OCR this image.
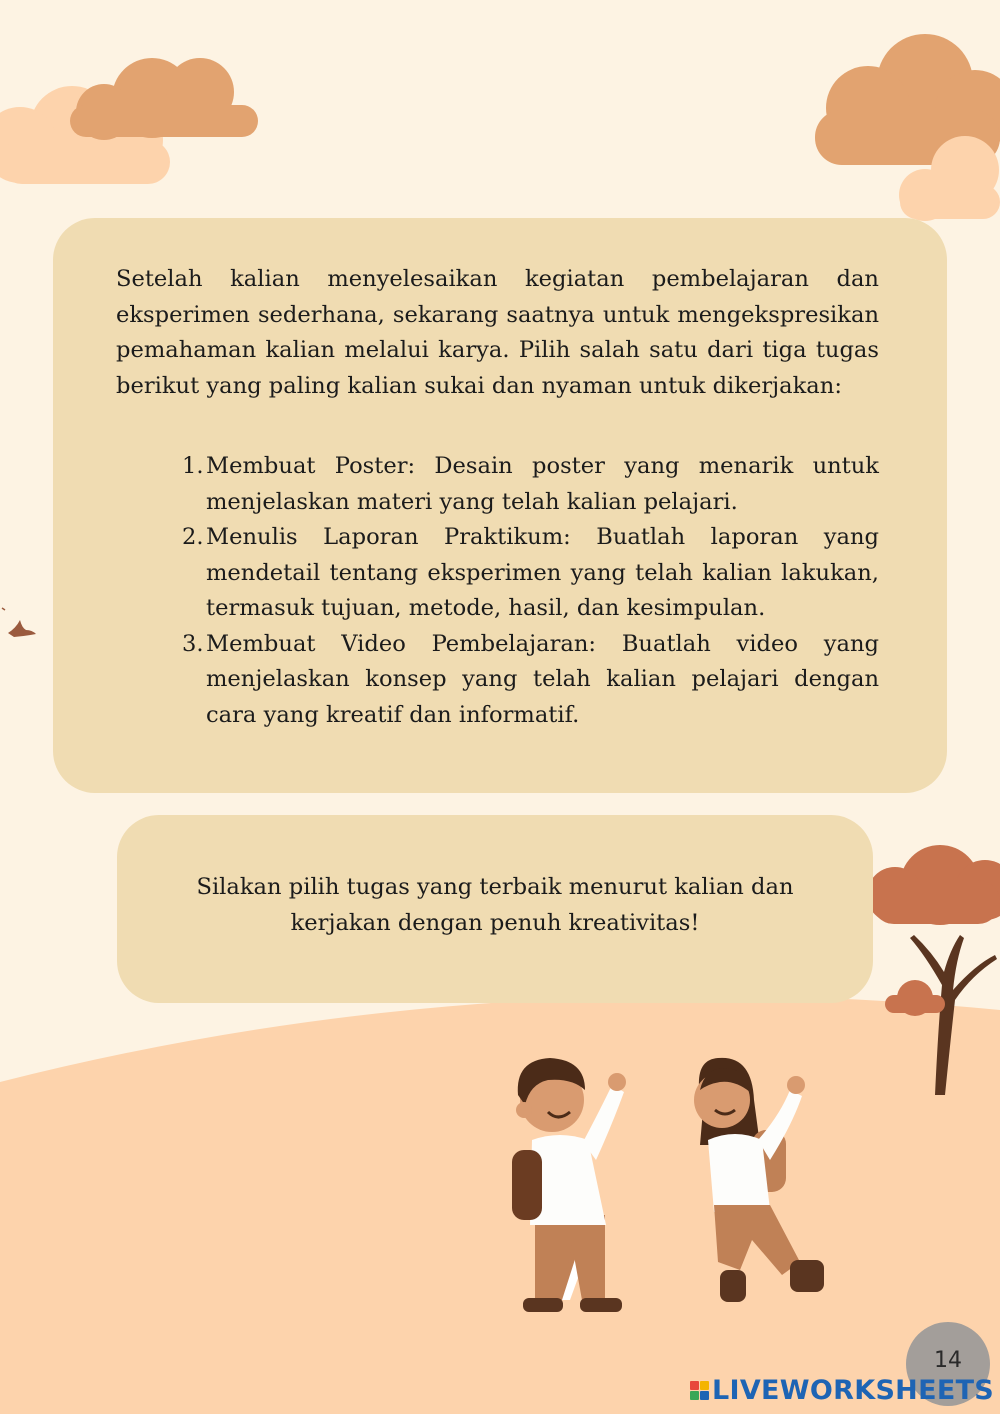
Setelah kalian menyelesaikan kegiatan pembelajaran dan eksperimen sederhana, sekarang saatnya untuk mengekspresikan pemahaman kalian melalui karya. Pilih salah satu dari tiga tugas berikut yang paling kalian sukai dan nyaman untuk dikerjakan:

1. Membuat Poster: Desain poster yang menarik untuk menjelaskan materi yang telah kalian pelajari.
2. Menulis Laporan Praktikum: Buatlah laporan yang mendetail tentang eksperimen yang telah kalian lakukan, termasuk tujuan, metode, hasil, dan kesimpulan.
3. Membuat Video Pembelajaran: Buatlah video yang menjelaskan konsep yang telah kalian pelajari dengan cara yang kreatif dan informatif.

Silakan pilih tugas yang terbaik menurut kalian dan kerjakan dengan penuh kreativitas!

14
LIVEWORKSHEETS
